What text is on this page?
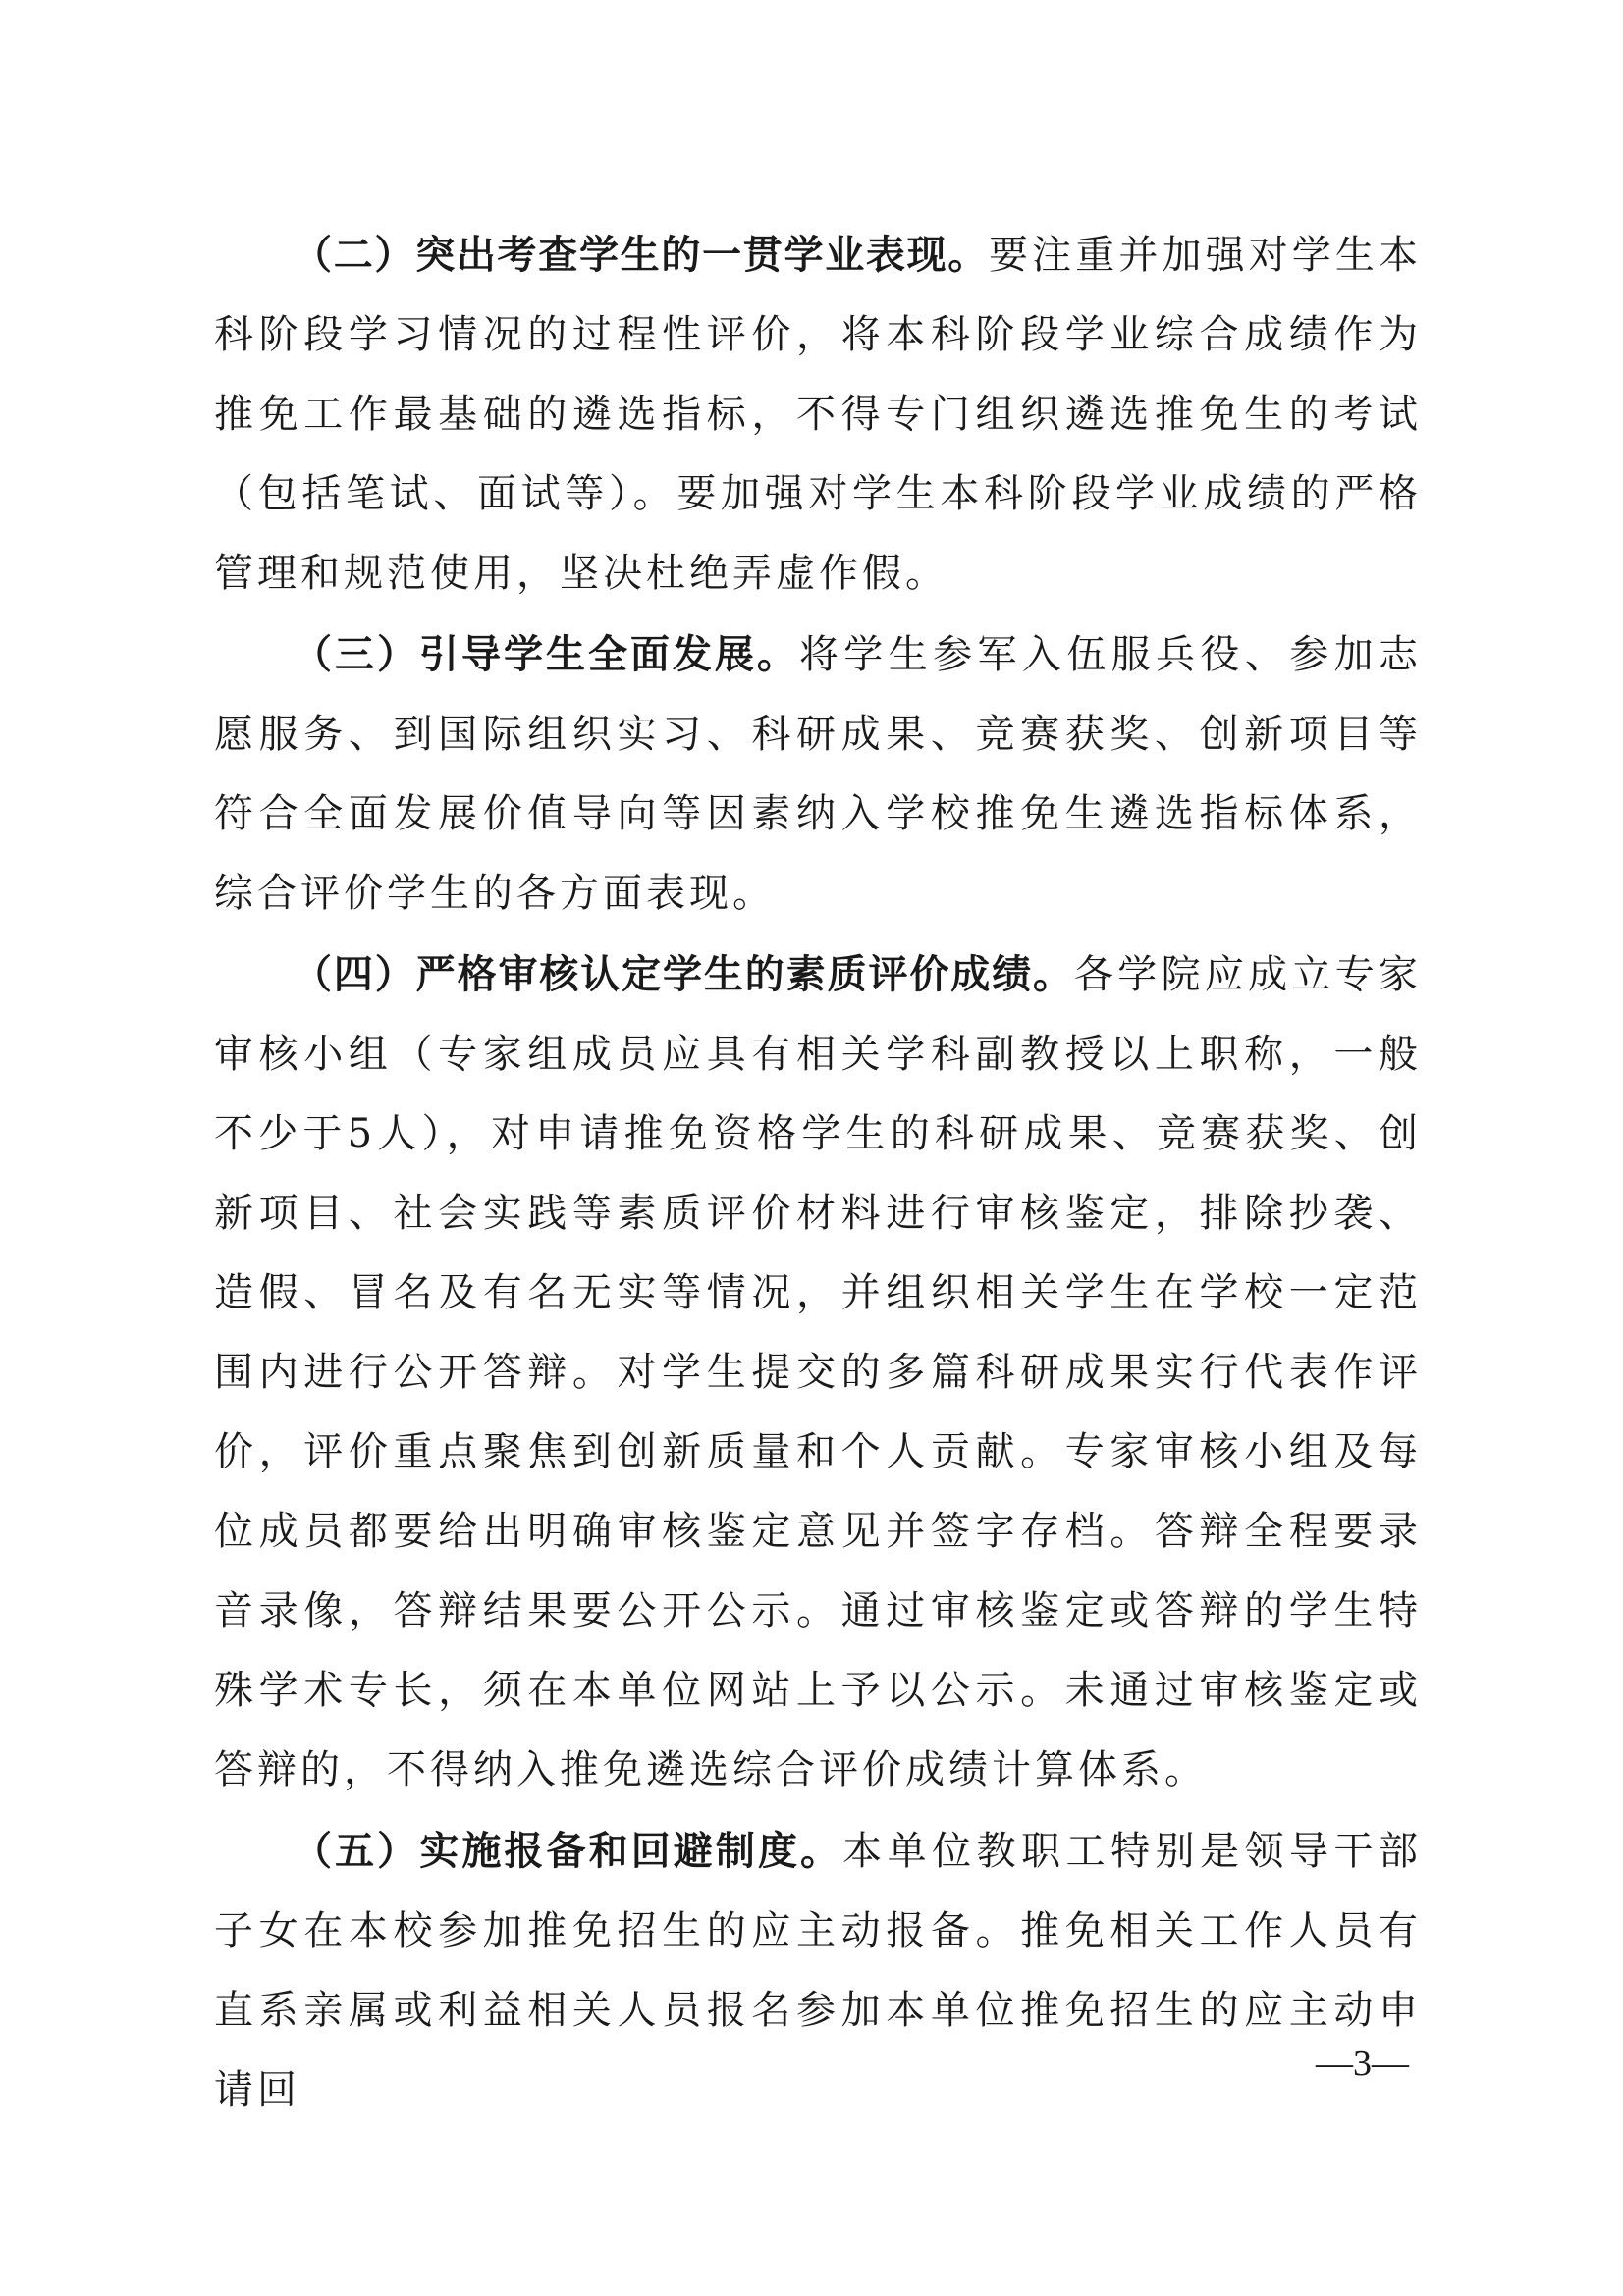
（二）突出考查学生的一贯学业表现。要注重并加强对学生本科阶段学习情况的过程性评价，将本科阶段学业综合成绩作为推免工作最基础的遴选指标，不得专门组织遴选推免生的考试（包括笔试、面试等）。要加强对学生本科阶段学业成绩的严格管理和规范使用，坚决杜绝弄虚作假。

（三）引导学生全面发展。将学生参军入伍服兵役、参加志愿服务、到国际组织实习、科研成果、竞赛获奖、创新项目等符合全面发展价值导向等因素纳入学校推免生遴选指标体系，综合评价学生的各方面表现。

（四）严格审核认定学生的素质评价成绩。各学院应成立专家审核小组（专家组成员应具有相关学科副教授以上职称，一般不少于5人），对申请推免资格学生的科研成果、竞赛获奖、创新项目、社会实践等素质评价材料进行审核鉴定，排除抄袭、造假、冒名及有名无实等情况，并组织相关学生在学校一定范围内进行公开答辩。对学生提交的多篇科研成果实行代表作评价，评价重点聚焦到创新质量和个人贡献。专家审核小组及每位成员都要给出明确审核鉴定意见并签字存档。答辩全程要录音录像，答辩结果要公开公示。通过审核鉴定或答辩的学生特殊学术专长，须在本单位网站上予以公示。未通过审核鉴定或答辩的，不得纳入推免遴选综合评价成绩计算体系。

（五）实施报备和回避制度。本单位教职工特别是领导干部子女在本校参加推免招生的应主动报备。推免相关工作人员有直系亲属或利益相关人员报名参加本单位推免招生的应主动申请回

—3—
